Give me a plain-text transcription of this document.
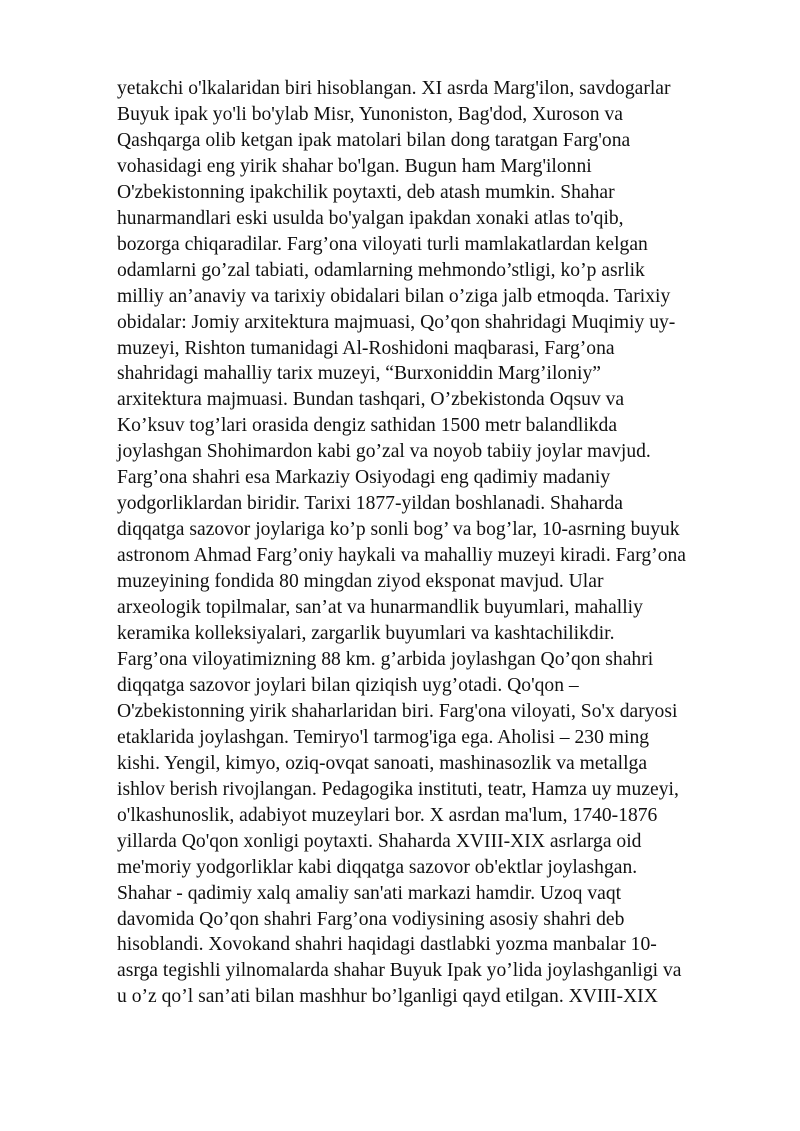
yetakchi o'lkalaridan biri hisoblangan. XI asrda Marg'ilon, savdogarlar
Buyuk ipak yo'li bo'ylab Misr, Yunoniston, Bag'dod, Xuroson va
Qashqarga olib ketgan ipak matolari bilan dong taratgan Farg'ona
vohasidagi eng yirik shahar bo'lgan. Bugun ham Marg'ilonni
O'zbekistonning ipakchilik poytaxti, deb atash mumkin. Shahar
hunarmandlari eski usulda bo'yalgan ipakdan xonaki atlas to'qib,
bozorga chiqaradilar. Farg’ona viloyati turli mamlakatlardan kelgan
odamlarni go’zal tabiati, odamlarning mehmondo’stligi, ko’p asrlik
milliy an’anaviy va tarixiy obidalari bilan o’ziga jalb etmoqda. Tarixiy
obidalar: Jomiy arxitektura majmuasi, Qo’qon shahridagi Muqimiy uy-
muzeyi, Rishton tumanidagi Al-Roshidoni maqbarasi, Farg’ona
shahridagi mahalliy tarix muzeyi, “Burxoniddin Marg’iloniy”
arxitektura majmuasi. Bundan tashqari, O’zbekistonda Oqsuv va
Ko’ksuv tog’lari orasida dengiz sathidan 1500 metr balandlikda
joylashgan Shohimardon kabi go’zal va noyob tabiiy joylar mavjud.
Farg’ona shahri esa Markaziy Osiyodagi eng qadimiy madaniy
yodgorliklardan biridir. Tarixi 1877-yildan boshlanadi. Shaharda
diqqatga sazovor joylariga ko’p sonli bog’ va bog’lar, 10-asrning buyuk
astronom Ahmad Farg’oniy haykali va mahalliy muzeyi kiradi. Farg’ona
muzeyining fondida 80 mingdan ziyod eksponat mavjud. Ular
arxeologik topilmalar, san’at va hunarmandlik buyumlari, mahalliy
keramika kolleksiyalari, zargarlik buyumlari va kashtachilikdir.
Farg’ona viloyatimizning 88 km. g’arbida joylashgan Qo’qon shahri
diqqatga sazovor joylari bilan qiziqish uyg’otadi. Qo'qon –
O'zbekistonning yirik shaharlaridan biri. Farg'ona viloyati, So'x daryosi
etaklarida joylashgan. Temiryo'l tarmog'iga ega. Aholisi – 230 ming
kishi. Yengil, kimyo, oziq-ovqat sanoati, mashinasozlik va metallga
ishlov berish rivojlangan. Pedagogika instituti, teatr, Hamza uy muzeyi,
o'lkashunoslik, adabiyot muzeylari bor. X asrdan ma'lum, 1740-1876
yillarda Qo'qon xonligi poytaxti. Shaharda XVIII-XIX asrlarga oid
me'moriy yodgorliklar kabi diqqatga sazovor ob'ektlar joylashgan.
Shahar - qadimiy xalq amaliy san'ati markazi hamdir. Uzoq vaqt
davomida Qo’qon shahri Farg’ona vodiysining asosiy shahri deb
hisoblandi. Xovokand shahri haqidagi dastlabki yozma manbalar 10-
asrga tegishli yilnomalarda shahar Buyuk Ipak yo’lida joylashganligi va
u o’z qo’l san’ati bilan mashhur bo’lganligi qayd etilgan. XVIII-XIX
